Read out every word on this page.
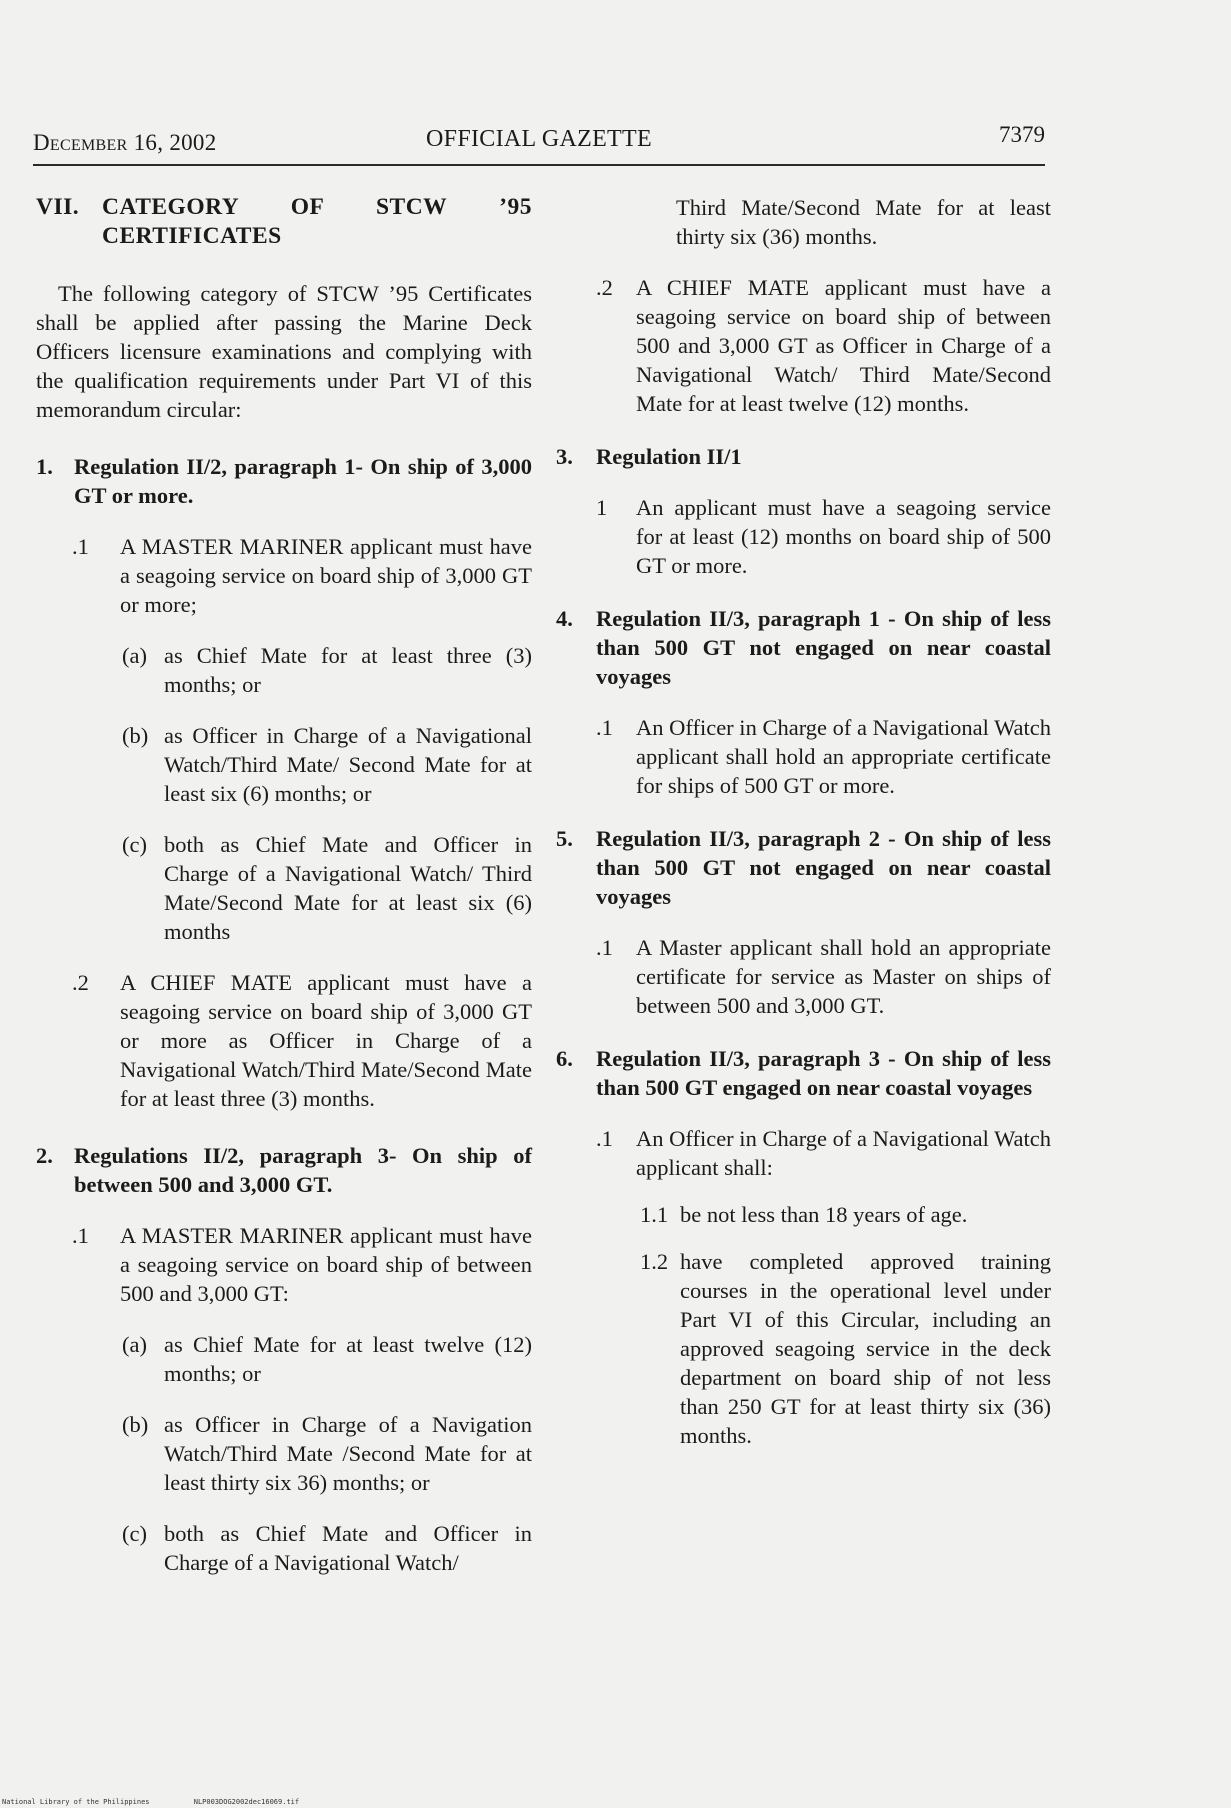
December 16, 2002	OFFICIAL GAZETTE	7379
VII. CATEGORY OF STCW ’95
CERTIFICATES

The following category of STCW ’95 Certificates shall be applied after passing the Marine Deck Officers licensure examinations and complying with the qualification requirements under Part VI of this memorandum circular:

1. Regulation II/2, paragraph 1- On ship of 3,000 GT or more.
.1	A MASTER MARINER applicant must have a seagoing service on board ship of 3,000 GT or more;
(a) as Chief Mate for at least three (3) months; or
(b) as Officer in Charge of a Navigational Watch/Third Mate/ Second Mate for at least six (6) months; or
(c) both as Chief Mate and Officer in Charge of a Navigational Watch/ Third Mate/Second Mate for at least six (6) months
.2	A CHIEF MATE applicant must have a seagoing service on board ship of 3,000 GT or more as Officer in Charge of a Navigational Watch/Third Mate/Second Mate for at least three (3) months.
2. Regulations II/2, paragraph 3- On ship of between 500 and 3,000 GT.
.1	A MASTER MARINER applicant must have a seagoing service on board ship of between 500 and 3,000 GT:
(a) as Chief Mate for at least twelve (12) months; or
(b) as Officer in Charge of a Navigation Watch/Third Mate /Second Mate for at least thirty six 36) months; or
(c) both as Chief Mate and Officer in Charge of a Navigational Watch/

Third Mate/Second Mate for at least thirty six (36) months.

.2	A CHIEF MATE applicant must have a seagoing service on board ship of between 500 and 3,000 GT as Officer in Charge of a Navigational Watch/ Third Mate/Second Mate for at least twelve (12) months.
3.	Regulation II/1
1	An applicant must have a seagoing service for at least (12) months on board ship of 500 GT or more.
4.	Regulation II/3, paragraph 1 - On ship of less than 500 GT not engaged on near coastal voyages
.1	An Officer in Charge of a Navigational Watch applicant shall hold an appropriate certificate for ships of 500 GT or more.
5.	Regulation II/3, paragraph 2 - On ship of less than 500 GT not engaged on near coastal voyages
.1	A Master applicant shall hold an appropriate certificate for service as Master on ships of between 500 and 3,000 GT.
6.	Regulation II/3, paragraph 3 - On ship of less than 500 GT engaged on near coastal voyages
.1	An Officer in Charge of a Navigational Watch applicant shall:
1.1 be not less than 18 years of age.
1.2 have completed approved training courses in the operational level under Part VI of this Circular, including an approved seagoing service in the deck department on board ship of not less than 250 GT for at least thirty six (36) months.
National Library of the Philippines	NLP003DOG2002dec16069.tif
